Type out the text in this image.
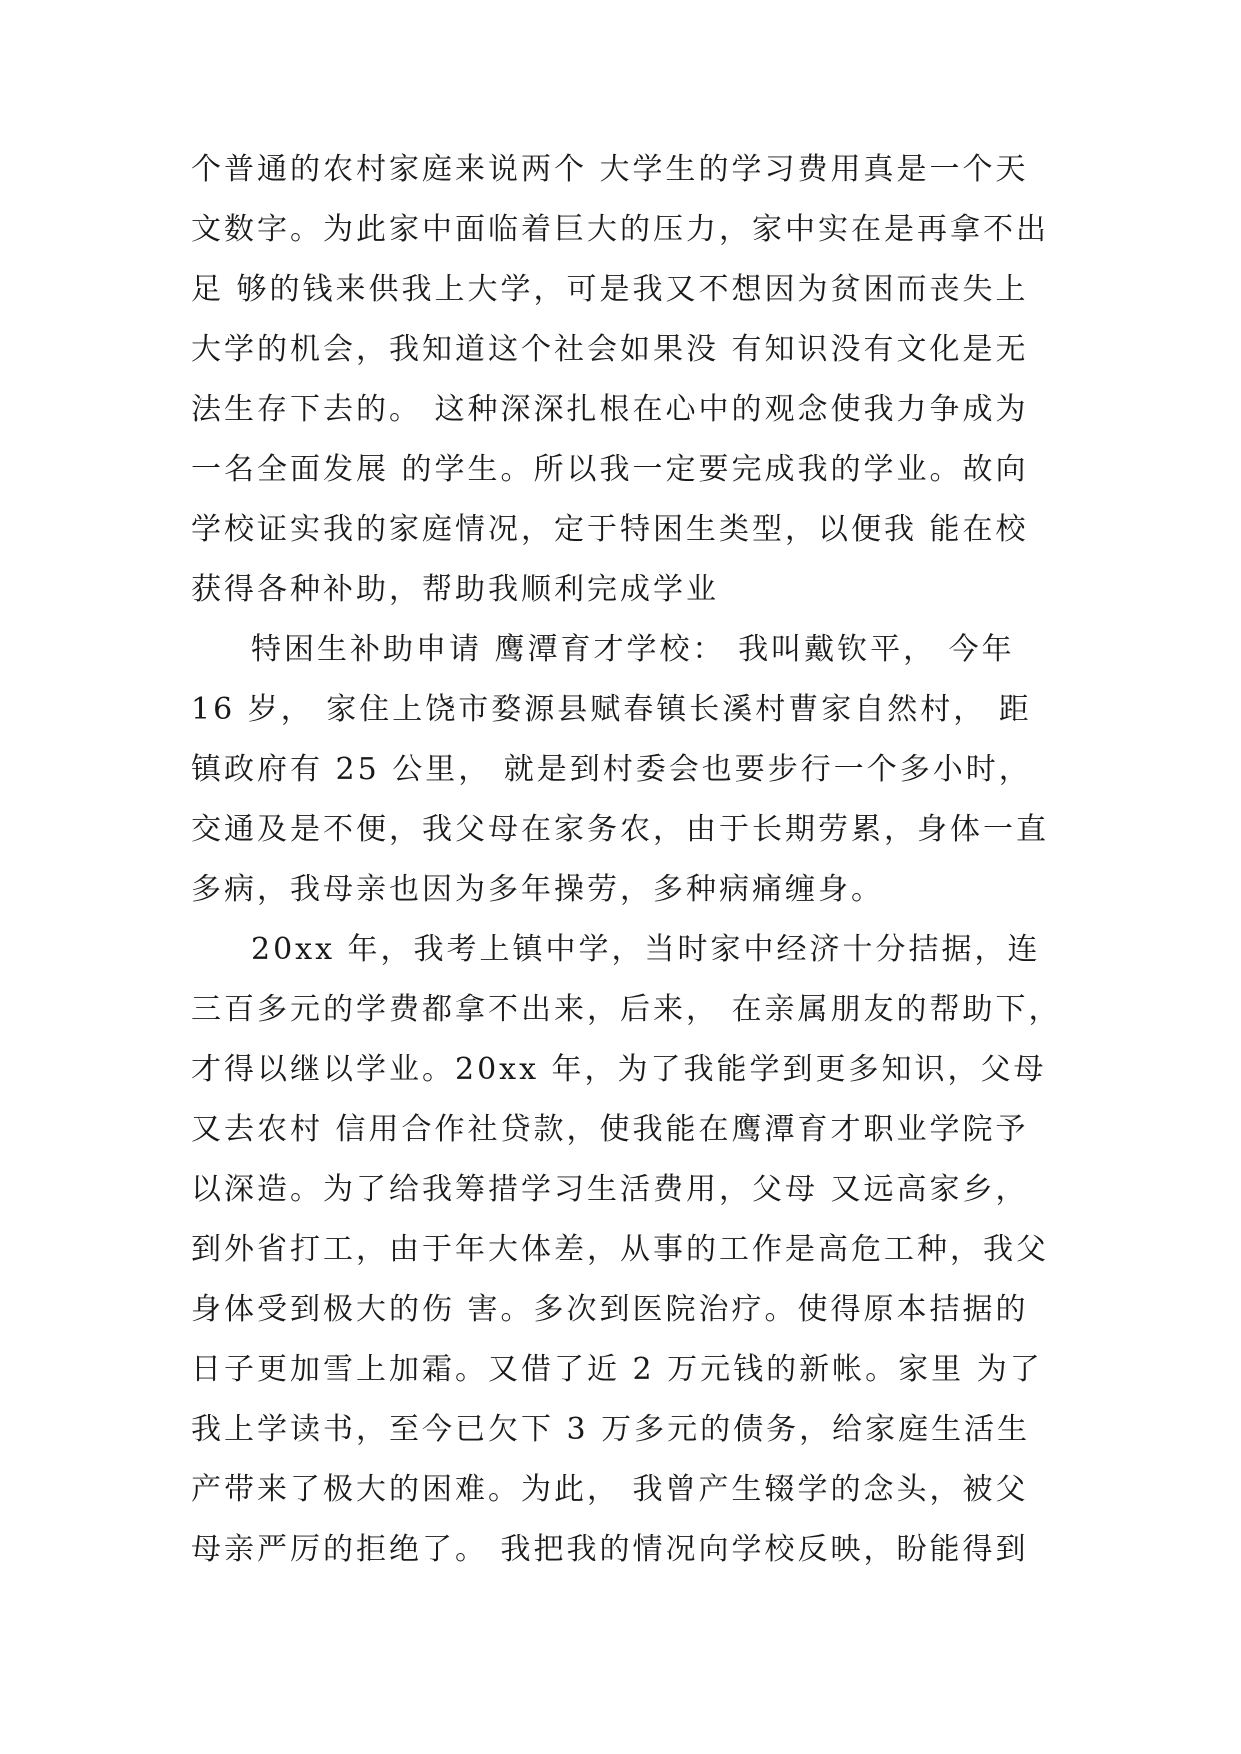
个普通的农村家庭来说两个 大学生的学习费用真是一个天
文数字。为此家中面临着巨大的压力，家中实在是再拿不出
足 够的钱来供我上大学，可是我又不想因为贫困而丧失上
大学的机会，我知道这个社会如果没 有知识没有文化是无
法生存下去的。 这种深深扎根在心中的观念使我力争成为
一名全面发展 的学生。所以我一定要完成我的学业。故向
学校证实我的家庭情况，定于特困生类型，以便我 能在校
获得各种补助，帮助我顺利完成学业
特困生补助申请 鹰潭育才学校： 我叫戴钦平， 今年
16 岁， 家住上饶市婺源县赋春镇长溪村曹家自然村， 距
镇政府有 25 公里， 就是到村委会也要步行一个多小时，
交通及是不便，我父母在家务农，由于长期劳累，身体一直
多病，我母亲也因为多年操劳，多种病痛缠身。
20xx 年，我考上镇中学，当时家中经济十分拮据，连
三百多元的学费都拿不出来，后来， 在亲属朋友的帮助下，
才得以继以学业。20xx 年，为了我能学到更多知识，父母
又去农村 信用合作社贷款，使我能在鹰潭育才职业学院予
以深造。为了给我筹措学习生活费用，父母 又远高家乡，
到外省打工，由于年大体差，从事的工作是高危工种，我父
身体受到极大的伤 害。多次到医院治疗。使得原本拮据的
日子更加雪上加霜。又借了近 2 万元钱的新帐。家里 为了
我上学读书，至今已欠下 3 万多元的债务，给家庭生活生
产带来了极大的困难。为此， 我曾产生辍学的念头，被父
母亲严厉的拒绝了。 我把我的情况向学校反映，盼能得到
